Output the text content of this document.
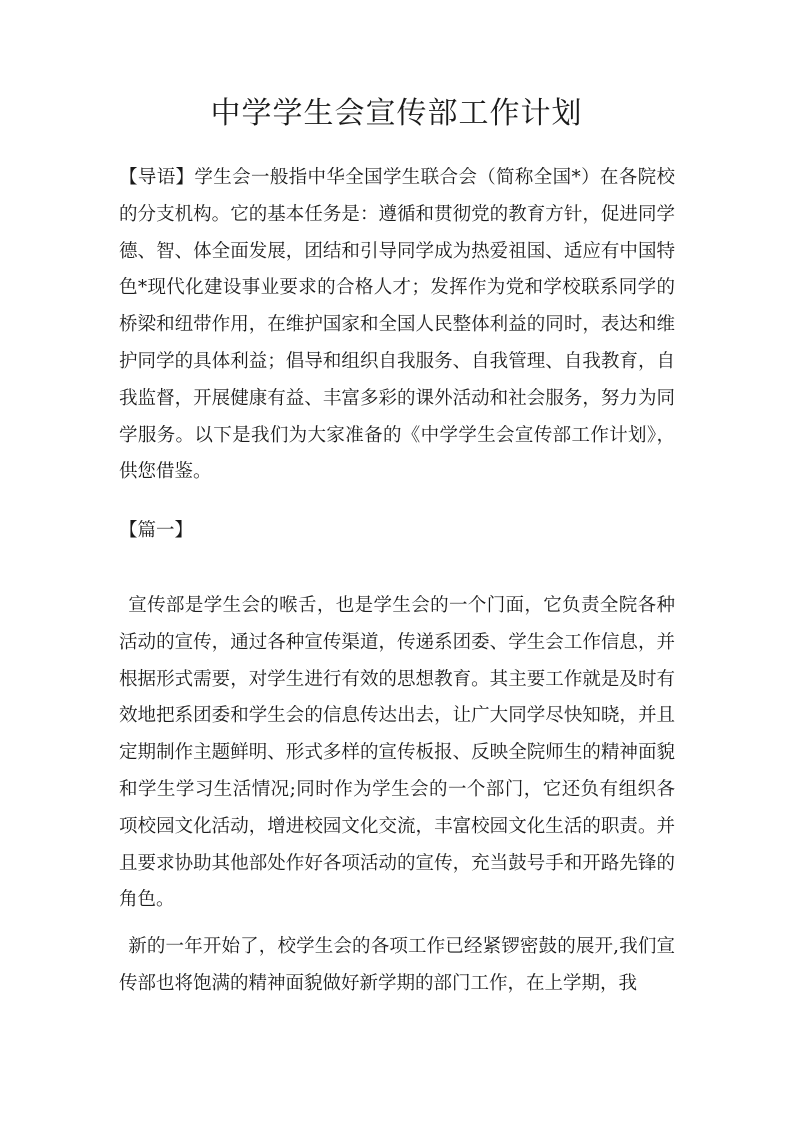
中学学生会宣传部工作计划

【导语】学生会一般指中华全国学生联合会（简称全国*）在各院校的分支机构。它的基本任务是：遵循和贯彻党的教育方针，促进同学德、智、体全面发展，团结和引导同学成为热爱祖国、适应有中国特色*现代化建设事业要求的合格人才；发挥作为党和学校联系同学的桥梁和纽带作用，在维护国家和全国人民整体利益的同时，表达和维护同学的具体利益；倡导和组织自我服务、自我管理、自我教育，自我监督，开展健康有益、丰富多彩的课外活动和社会服务，努力为同学服务。以下是我们为大家准备的《中学学生会宣传部工作计划》，供您借鉴。

【篇一】

宣传部是学生会的喉舌，也是学生会的一个门面，它负责全院各种活动的宣传，通过各种宣传渠道，传递系团委、学生会工作信息，并根据形式需要，对学生进行有效的思想教育。其主要工作就是及时有效地把系团委和学生会的信息传达出去，让广大同学尽快知晓，并且定期制作主题鲜明、形式多样的宣传板报、反映全院师生的精神面貌和学生学习生活情况;同时作为学生会的一个部门，它还负有组织各项校园文化活动，增进校园文化交流，丰富校园文化生活的职责。并且要求协助其他部处作好各项活动的宣传，充当鼓号手和开路先锋的角色。

新的一年开始了，校学生会的各项工作已经紧锣密鼓的展开,我们宣传部也将饱满的精神面貌做好新学期的部门工作，在上学期，我
